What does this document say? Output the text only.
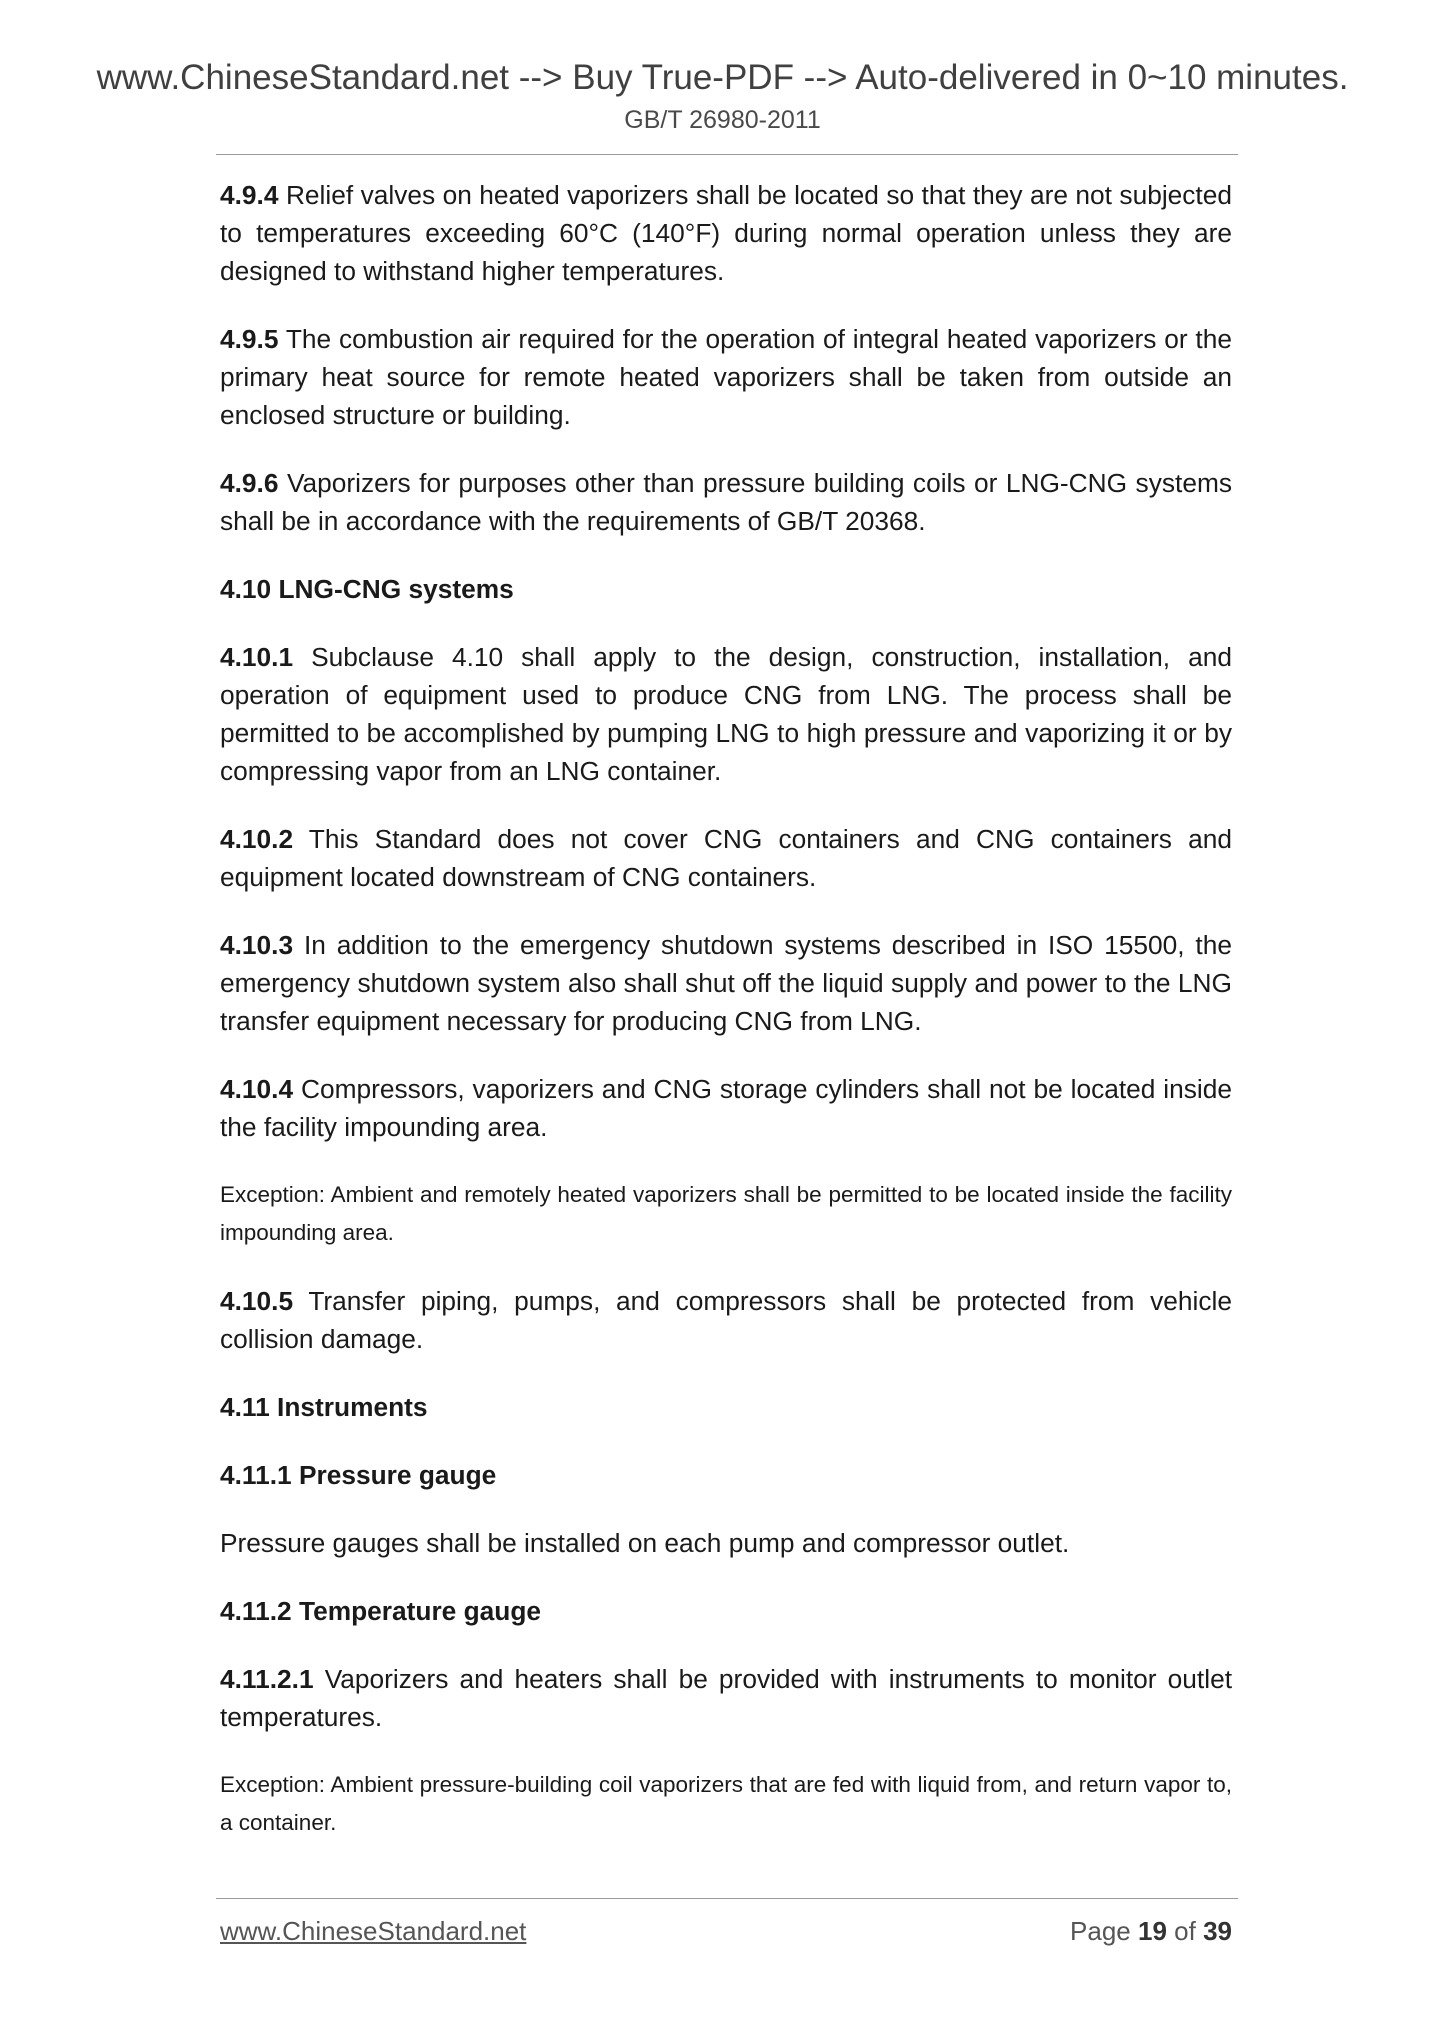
www.ChineseStandard.net --> Buy True-PDF --> Auto-delivered in 0~10 minutes.
GB/T 26980-2011

4.9.4 Relief valves on heated vaporizers shall be located so that they are not subjected to temperatures exceeding 60°C (140°F) during normal operation unless they are designed to withstand higher temperatures.

4.9.5 The combustion air required for the operation of integral heated vaporizers or the primary heat source for remote heated vaporizers shall be taken from outside an enclosed structure or building.

4.9.6 Vaporizers for purposes other than pressure building coils or LNG-CNG systems shall be in accordance with the requirements of GB/T 20368.

4.10 LNG-CNG systems

4.10.1 Subclause 4.10 shall apply to the design, construction, installation, and operation of equipment used to produce CNG from LNG. The process shall be permitted to be accomplished by pumping LNG to high pressure and vaporizing it or by compressing vapor from an LNG container.

4.10.2 This Standard does not cover CNG containers and CNG containers and equipment located downstream of CNG containers.

4.10.3 In addition to the emergency shutdown systems described in ISO 15500, the emergency shutdown system also shall shut off the liquid supply and power to the LNG transfer equipment necessary for producing CNG from LNG.

4.10.4 Compressors, vaporizers and CNG storage cylinders shall not be located inside the facility impounding area.

Exception: Ambient and remotely heated vaporizers shall be permitted to be located inside the facility impounding area.

4.10.5 Transfer piping, pumps, and compressors shall be protected from vehicle collision damage.

4.11 Instruments

4.11.1 Pressure gauge

Pressure gauges shall be installed on each pump and compressor outlet.

4.11.2 Temperature gauge

4.11.2.1 Vaporizers and heaters shall be provided with instruments to monitor outlet temperatures.

Exception: Ambient pressure-building coil vaporizers that are fed with liquid from, and return vapor to, a container.

www.ChineseStandard.net	Page 19 of 39
